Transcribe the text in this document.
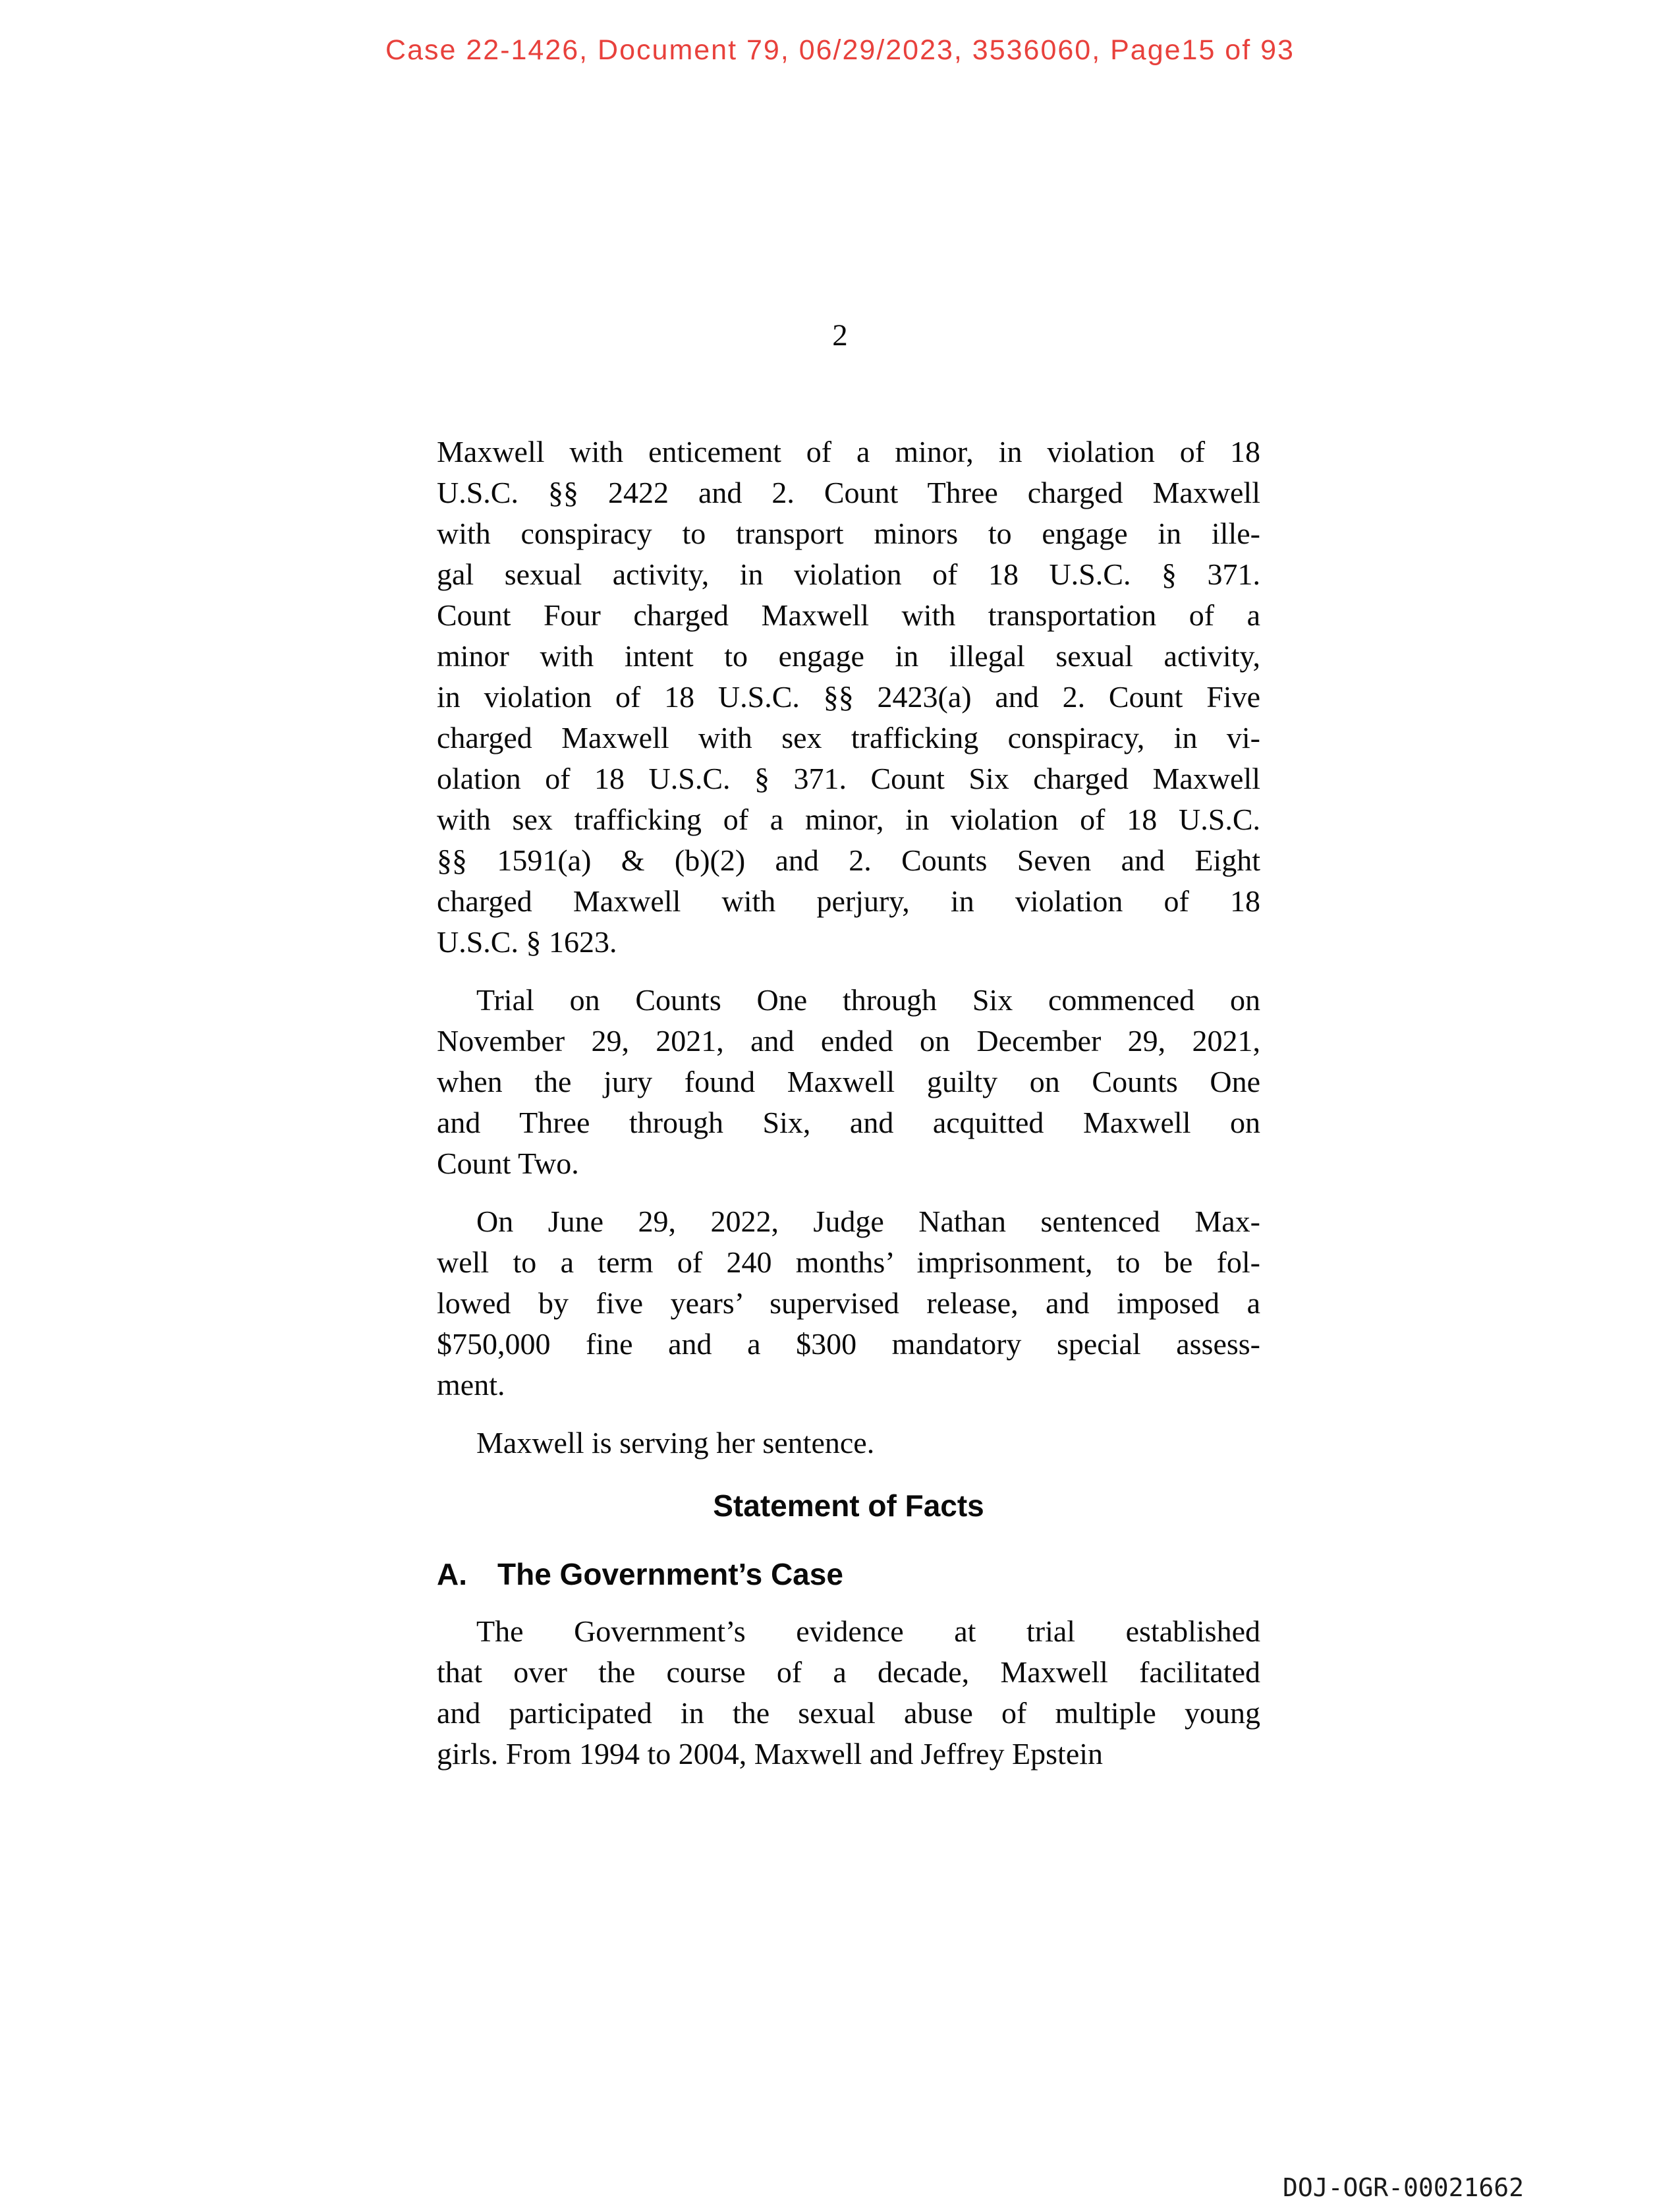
Case 22-1426, Document 79, 06/29/2023, 3536060, Page15 of 93
2
Maxwell with enticement of a minor, in violation of 18
U.S.C. §§ 2422 and 2. Count Three charged Maxwell
with conspiracy to transport minors to engage in ille-
gal sexual activity, in violation of 18 U.S.C. § 371.
Count Four charged Maxwell with transportation of a
minor with intent to engage in illegal sexual activity,
in violation of 18 U.S.C. §§ 2423(a) and 2. Count Five
charged Maxwell with sex trafficking conspiracy, in vi-
olation of 18 U.S.C. § 371. Count Six charged Maxwell
with sex trafficking of a minor, in violation of 18 U.S.C.
§§ 1591(a) & (b)(2) and 2. Counts Seven and Eight
charged Maxwell with perjury, in violation of 18
U.S.C. § 1623.
Trial on Counts One through Six commenced on
November 29, 2021, and ended on December 29, 2021,
when the jury found Maxwell guilty on Counts One
and Three through Six, and acquitted Maxwell on
Count Two.
On June 29, 2022, Judge Nathan sentenced Max-
well to a term of 240 months’ imprisonment, to be fol-
lowed by five years’ supervised release, and imposed a
$750,000 fine and a $300 mandatory special assess-
ment.
Maxwell is serving her sentence.
Statement of Facts
A. The Government’s Case
The Government’s evidence at trial established
that over the course of a decade, Maxwell facilitated
and participated in the sexual abuse of multiple young
girls. From 1994 to 2004, Maxwell and Jeffrey Epstein
DOJ-OGR-00021662
